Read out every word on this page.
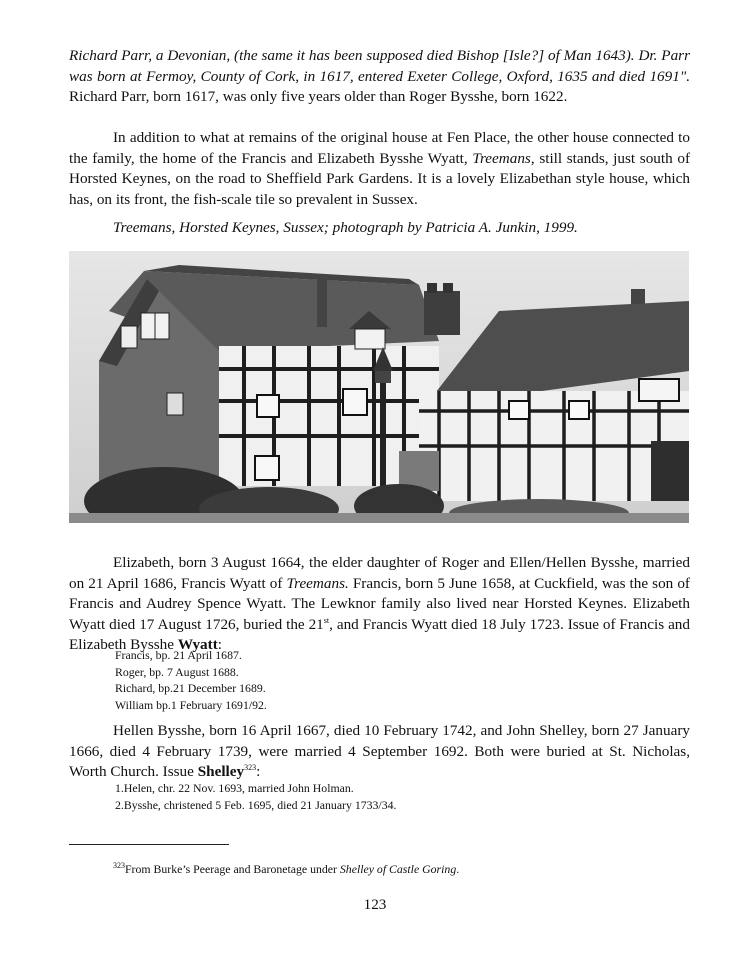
Richard Parr, a Devonian, (the same it has been supposed died Bishop [Isle?] of Man 1643). Dr. Parr was born at Fermoy, County of Cork, in 1617, entered Exeter College, Oxford, 1635 and died 1691". Richard Parr, born 1617, was only five years older than Roger Bysshe, born 1622.

In addition to what at remains of the original house at Fen Place, the other house connected to the family, the home of the Francis and Elizabeth Bysshe Wyatt, Treemans, still stands, just south of Horsted Keynes, on the road to Sheffield Park Gardens. It is a lovely Elizabethan style house, which has, on its front, the fish-scale tile so prevalent in Sussex.

Treemans, Horsted Keynes, Sussex; photograph by Patricia A. Junkin, 1999.

Elizabeth, born 3 August 1664, the elder daughter of Roger and Ellen/Hellen Bysshe, married on 21 April 1686, Francis Wyatt of Treemans. Francis, born 5 June 1658, at Cuckfield, was the son of Francis and Audrey Spence Wyatt. The Lewknor family also lived near Horsted Keynes. Elizabeth Wyatt died 17 August 1726, buried the 21st, and Francis Wyatt died 18 July 1723. Issue of Francis and Elizabeth Bysshe Wyatt:

Francis, bp. 21 April 1687.
Roger, bp. 7 August 1688.
Richard, bp.21 December 1689.
William bp.1 February 1691/92.

Hellen Bysshe, born 16 April 1667, died 10 February 1742, and John Shelley, born 27 January 1666, died 4 February 1739, were married 4 September 1692. Both were buried at St. Nicholas, Worth Church. Issue Shelley$^{323}$:

1.Helen, chr. 22 Nov. 1693, married John Holman.
2.Bysshe, christened 5 Feb. 1695, died 21 January 1733/34.

$^{323}$From Burke’s Peerage and Baronetage under Shelley of Castle Goring.

123
